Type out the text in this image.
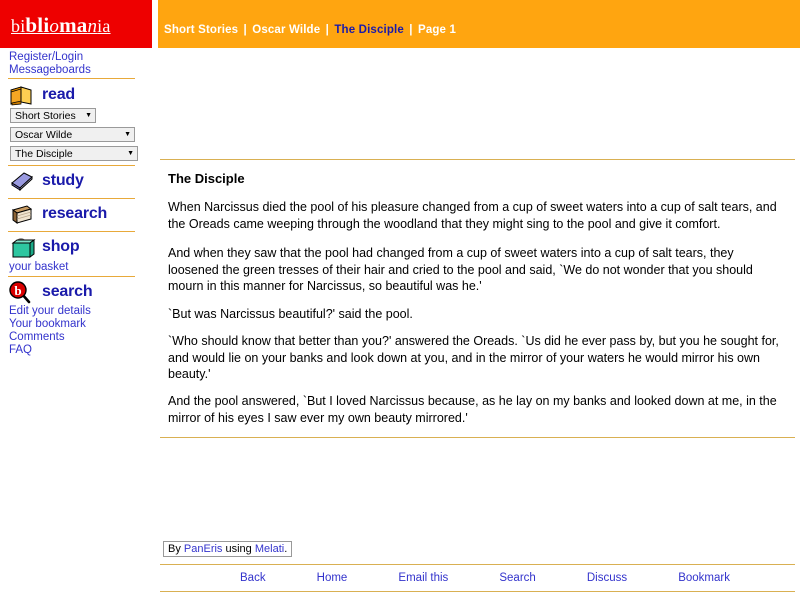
bibliomania	Short Stories | Oscar Wilde | The Disciple | Page 1
Register/Login
Messageboards
read
Short Stories ▼
Oscar Wilde	▼
The Disciple	▼
study
research
shop
your basket
b search
Edit your details
Your bookmark
Comments
FAQ
The Disciple

When Narcissus died the pool of his pleasure changed from a cup of sweet waters into a cup of salt tears, and the Oreads came weeping through the woodland that they might sing to the pool and give it comfort.

And when they saw that the pool had changed from a cup of sweet waters into a cup of salt tears, they loosened the green tresses of their hair and cried to the pool and said, `We do not wonder that you should mourn in this manner for Narcissus, so beautiful was he.'

`But was Narcissus beautiful?' said the pool.

`Who should know that better than you?' answered the Oreads. `Us did he ever pass by, but you he sought for, and would lie on your banks and look down at you, and in the mirror of your waters he would mirror his own beauty.'

And the pool answered, `But I loved Narcissus because, as he lay on my banks and looked down at me, in the mirror of his eyes I saw ever my own beauty mirrored.'

By PanEris using Melati.
Back	Home	Email this	Search	Discuss	Bookmark
